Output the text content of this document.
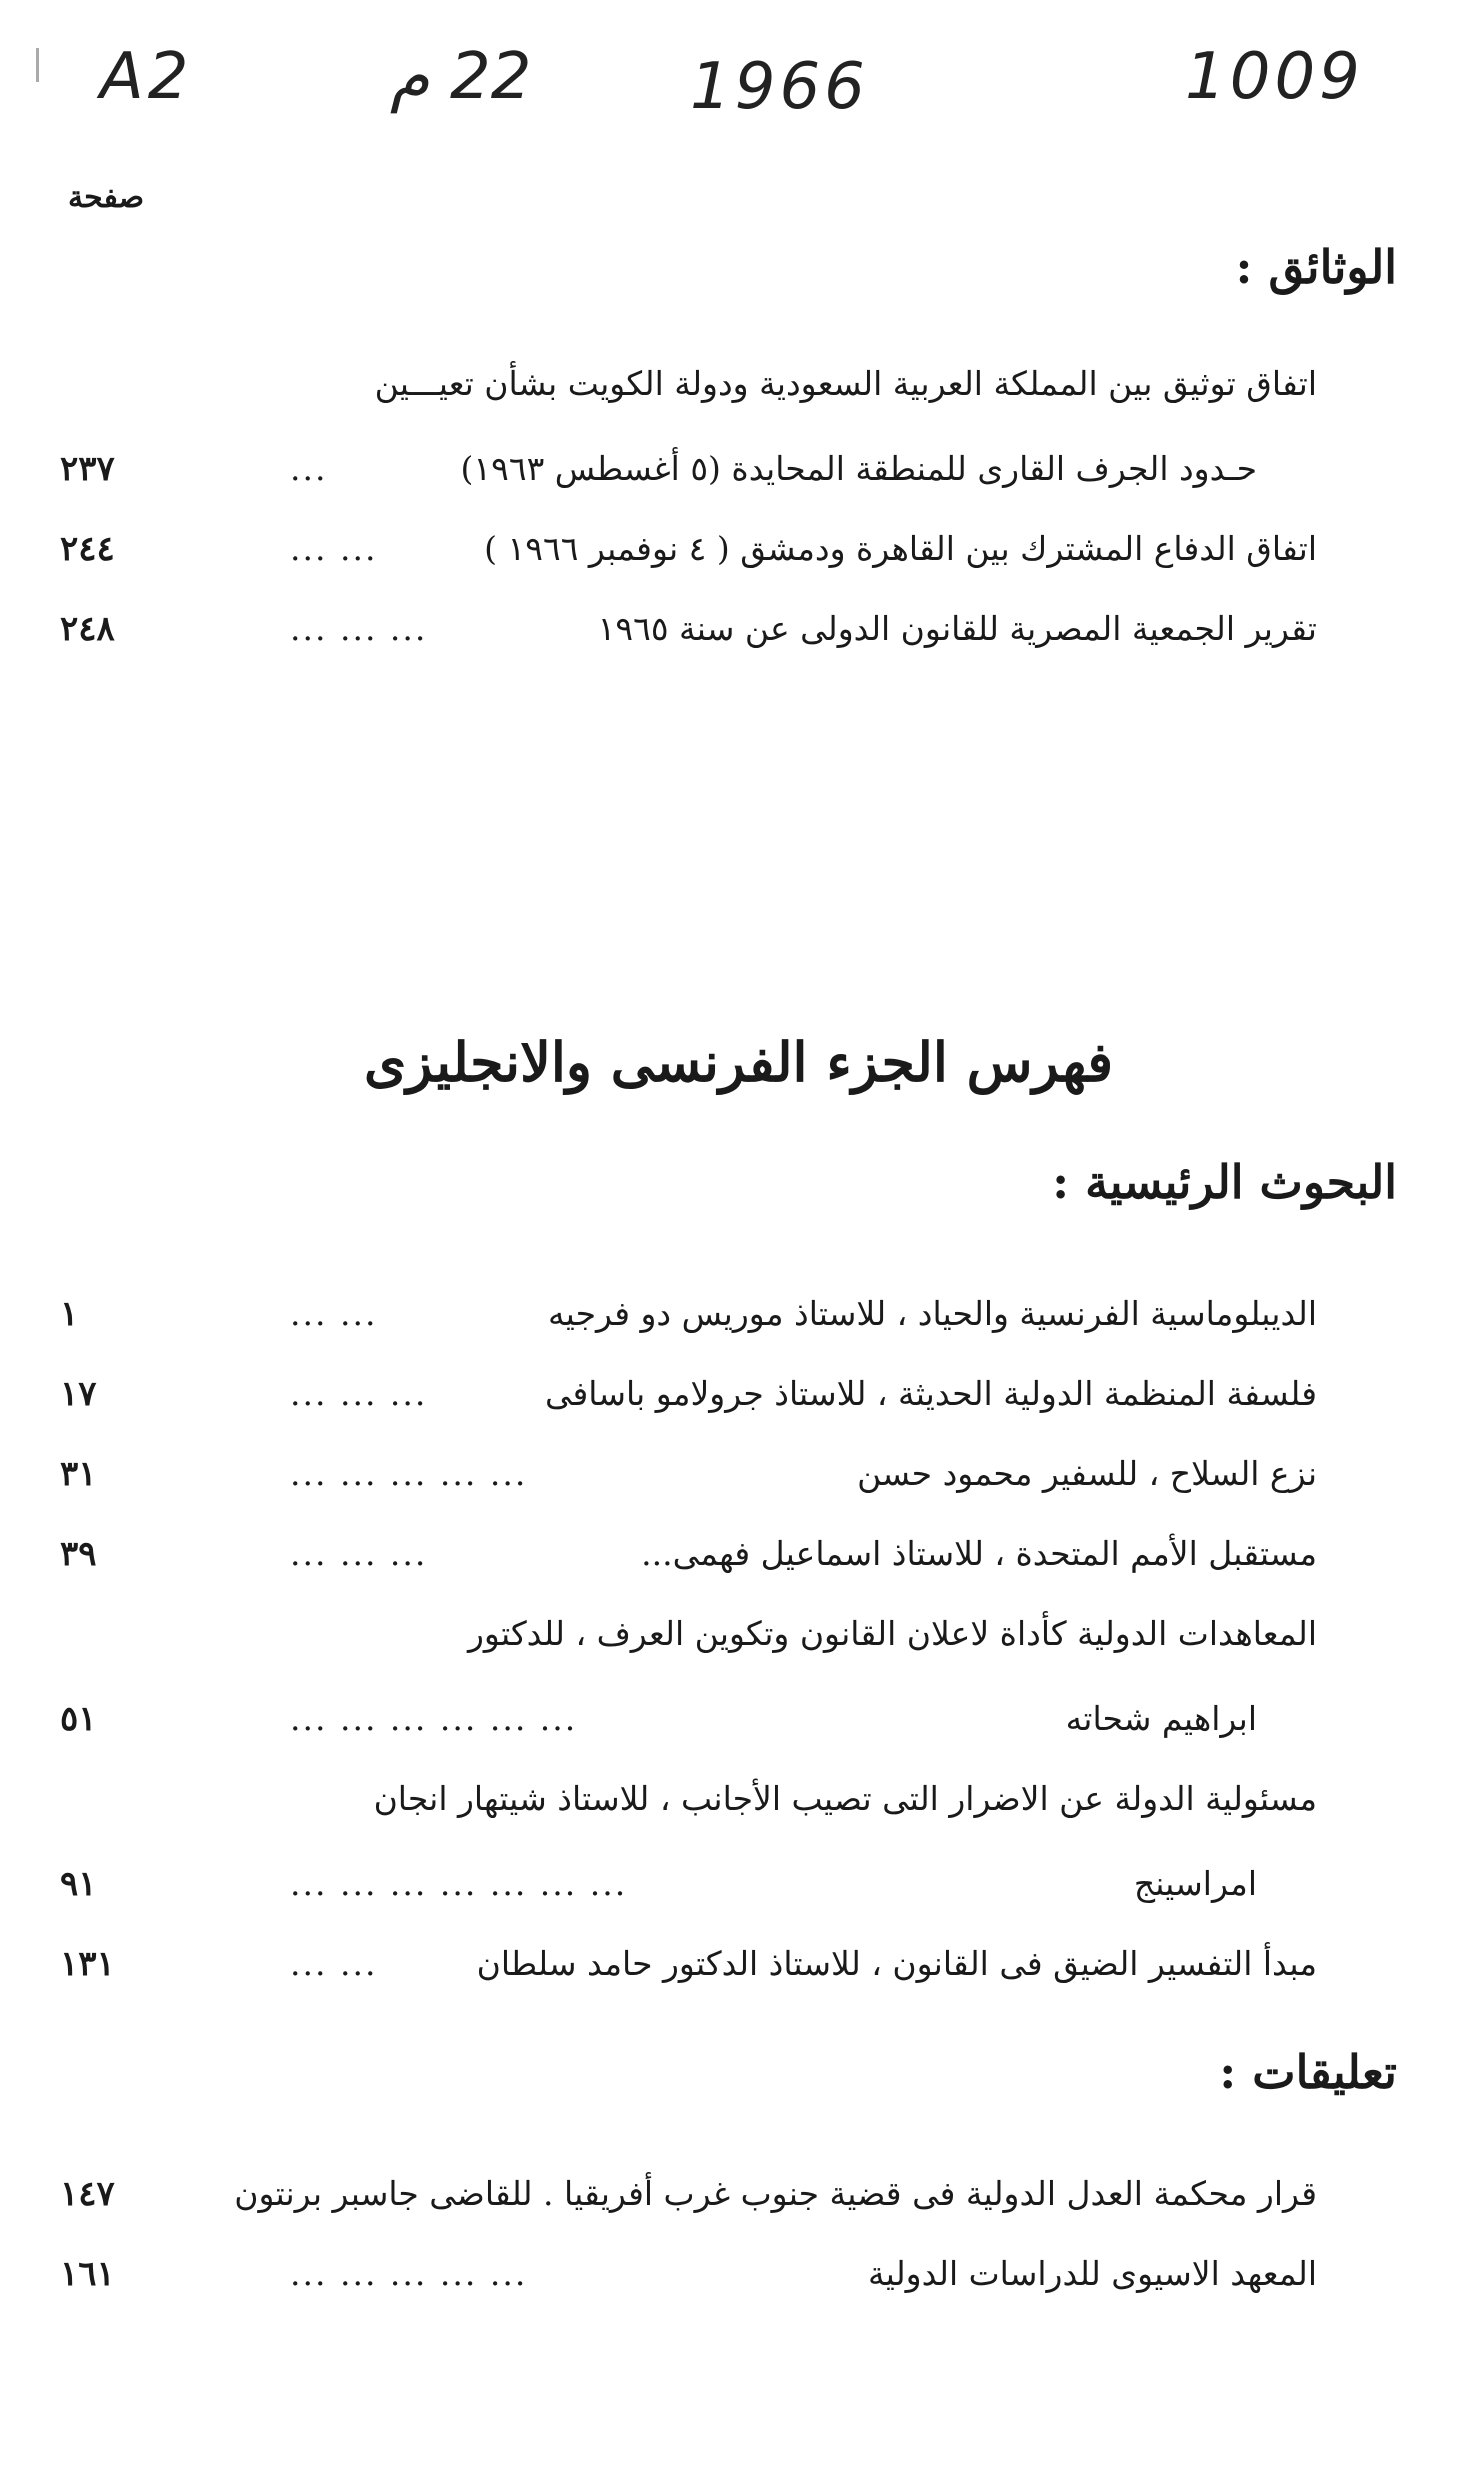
A2	22 م 1966	1009
صفحة
الوثائق :
اتفاق توثيق بين المملكة العربية السعودية ودولة الكويت بشأن تعيـــين
حـدود الجرف القارى للمنطقة المحايدة (٥ أغسطس ١٩٦٣)
...
٢٣٧
اتفاق الدفاع المشترك بين القاهرة ودمشق ( ٤ نوفمبر ١٩٦٦ )
... ...
٢٤٤
تقرير الجمعية المصرية للقانون الدولى عن سنة ١٩٦٥
... ... ...
٢٤٨
فهرس الجزء الفرنسى والانجليزى
البحوث الرئيسية :
الديبلوماسية الفرنسية والحياد ، للاستاذ موريس دو فرجيه
... ...
١
فلسفة المنظمة الدولية الحديثة ، للاستاذ جرولامو باسافى
... ... ...
١٧
نزع السلاح ، للسفير محمود حسن
... ... ... ... ...
٣١
مستقبل الأمم المتحدة ، للاستاذ اسماعيل فهمى...
... ... ...
٣٩
المعاهدات الدولية كأداة لاعلان القانون وتكوين العرف ، للدكتور
ابراهيم شحاته
... ... ... ... ... ...
٥١
مسئولية الدولة عن الاضرار التى تصيب الأجانب ، للاستاذ شيتهار انجان
امراسينج
... ... ... ... ... ... ...
٩١
مبدأ التفسير الضيق فى القانون ، للاستاذ الدكتور حامد سلطان
... ...
١٣١
تعليقات :
قرار محكمة العدل الدولية فى قضية جنوب غرب أفريقيا . للقاضى جاسبر برنتون
١٤٧
المعهد الاسيوى للدراسات الدولية
... ... ... ... ...
١٦١
